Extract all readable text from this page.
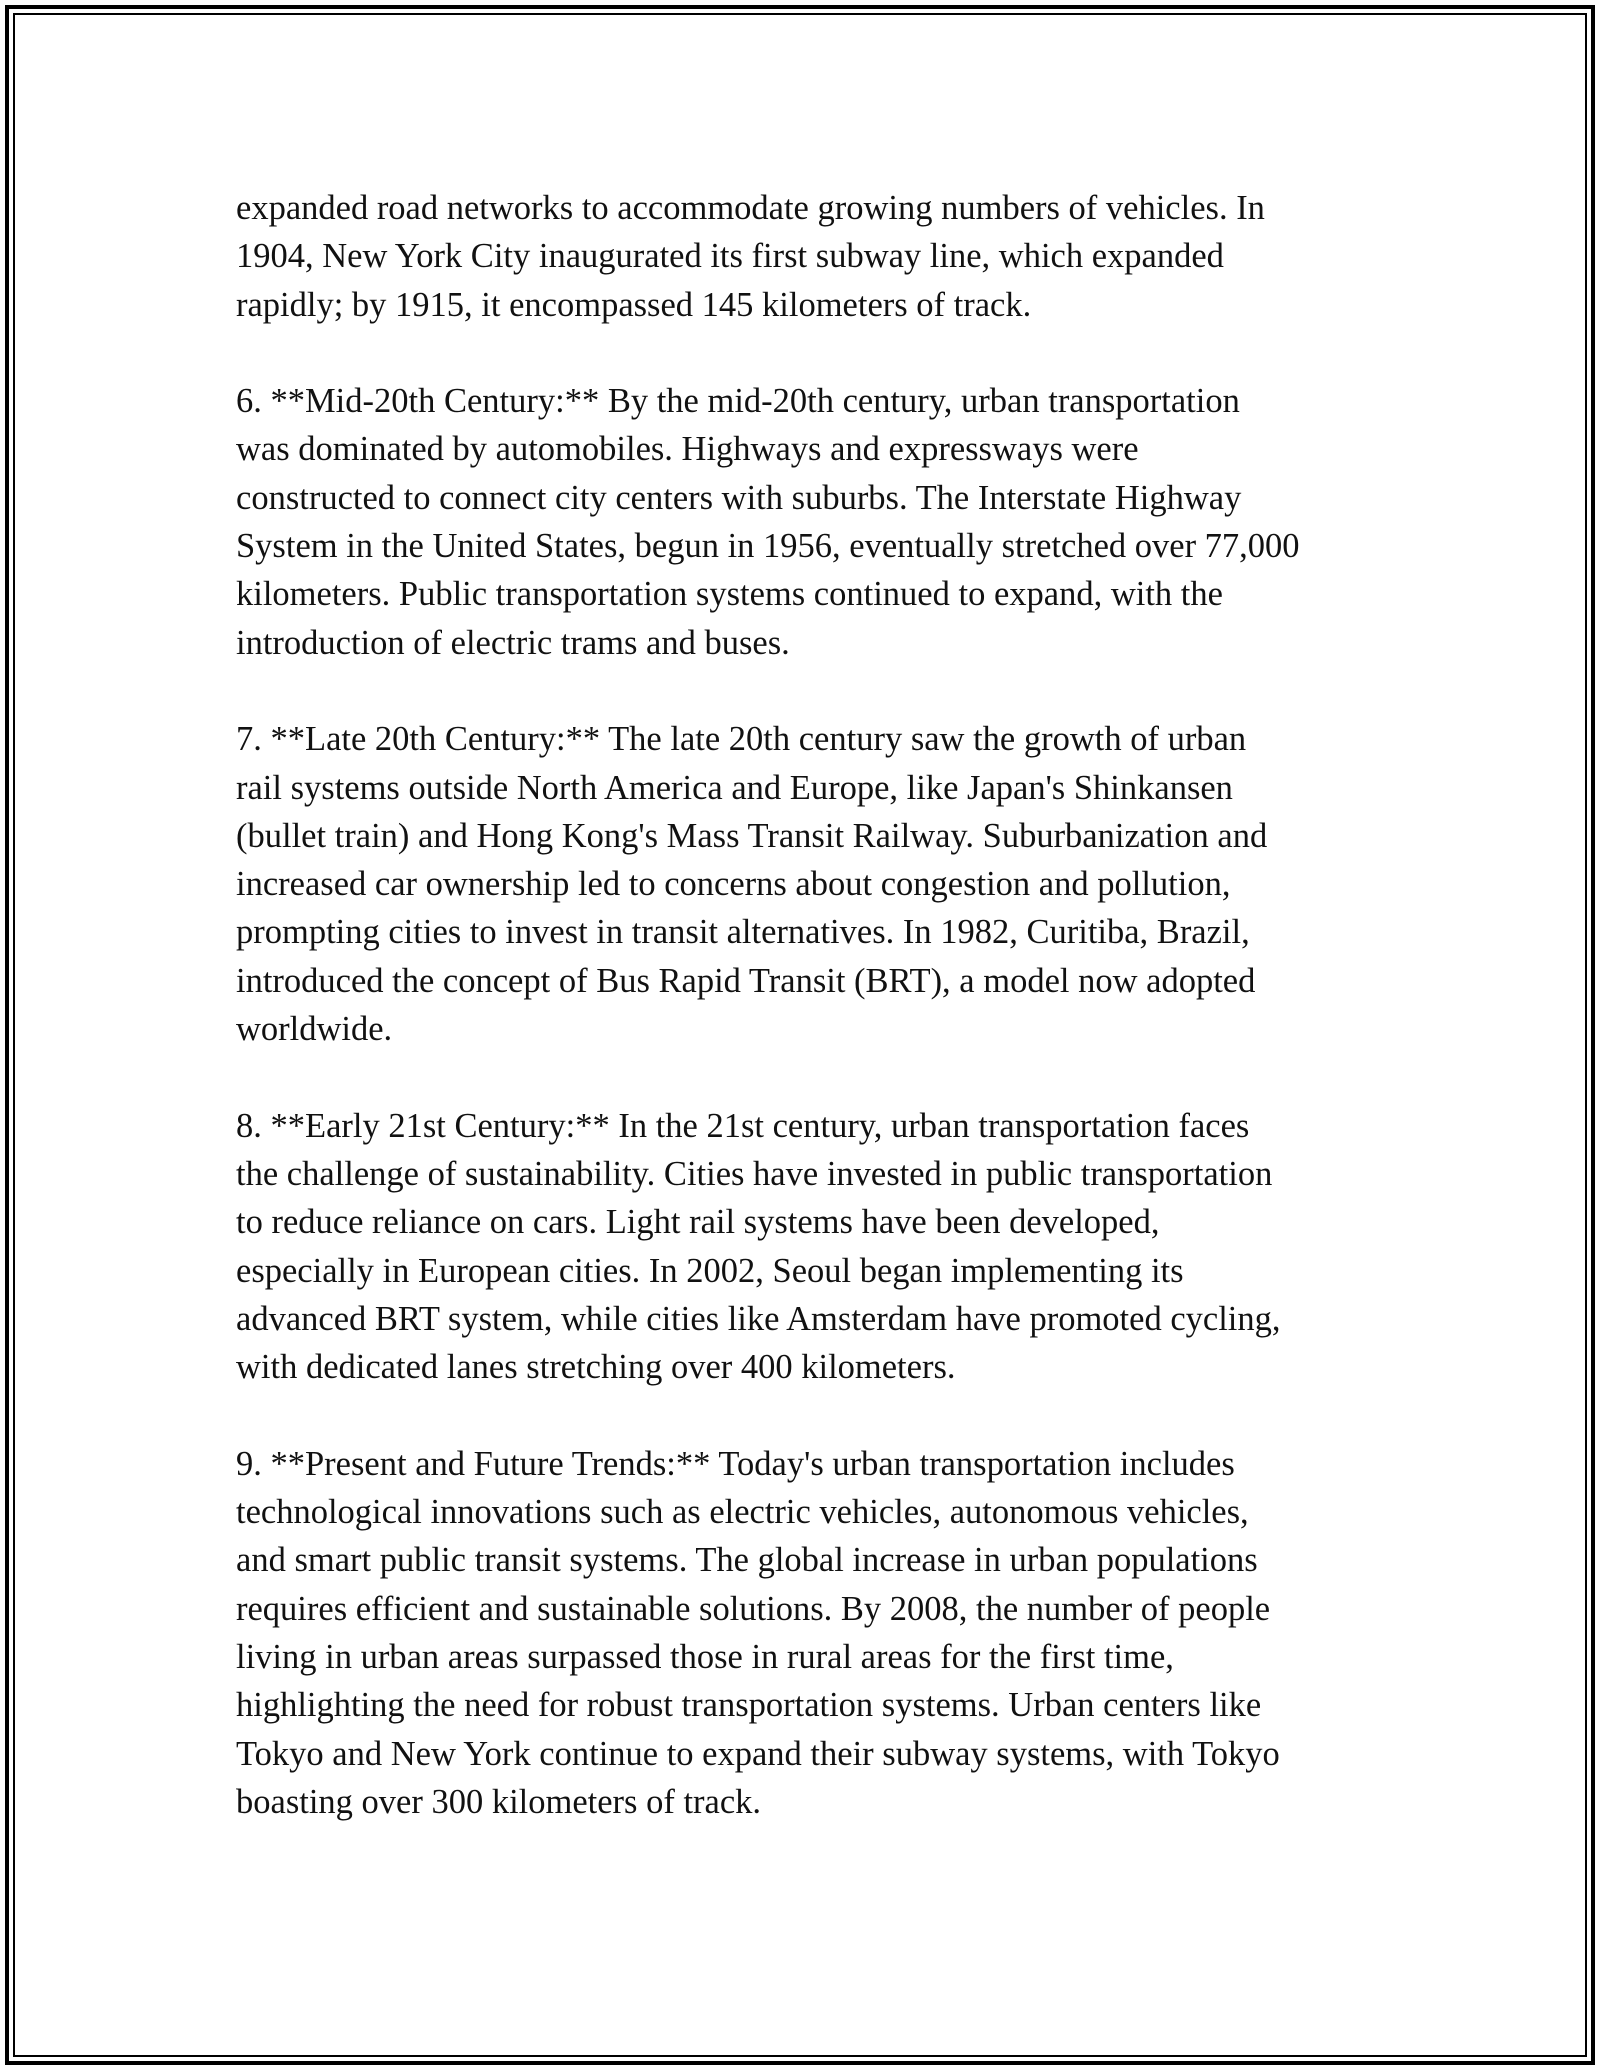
expanded road networks to accommodate growing numbers of vehicles. In
1904, New York City inaugurated its first subway line, which expanded
rapidly; by 1915, it encompassed 145 kilometers of track.

6. **Mid-20th Century:** By the mid-20th century, urban transportation
was dominated by automobiles. Highways and expressways were
constructed to connect city centers with suburbs. The Interstate Highway
System in the United States, begun in 1956, eventually stretched over 77,000
kilometers. Public transportation systems continued to expand, with the
introduction of electric trams and buses.

7. **Late 20th Century:** The late 20th century saw the growth of urban
rail systems outside North America and Europe, like Japan's Shinkansen
(bullet train) and Hong Kong's Mass Transit Railway. Suburbanization and
increased car ownership led to concerns about congestion and pollution,
prompting cities to invest in transit alternatives. In 1982, Curitiba, Brazil,
introduced the concept of Bus Rapid Transit (BRT), a model now adopted
worldwide.

8. **Early 21st Century:** In the 21st century, urban transportation faces
the challenge of sustainability. Cities have invested in public transportation
to reduce reliance on cars. Light rail systems have been developed,
especially in European cities. In 2002, Seoul began implementing its
advanced BRT system, while cities like Amsterdam have promoted cycling,
with dedicated lanes stretching over 400 kilometers.

9. **Present and Future Trends:** Today's urban transportation includes
technological innovations such as electric vehicles, autonomous vehicles,
and smart public transit systems. The global increase in urban populations
requires efficient and sustainable solutions. By 2008, the number of people
living in urban areas surpassed those in rural areas for the first time,
highlighting the need for robust transportation systems. Urban centers like
Tokyo and New York continue to expand their subway systems, with Tokyo
boasting over 300 kilometers of track.
